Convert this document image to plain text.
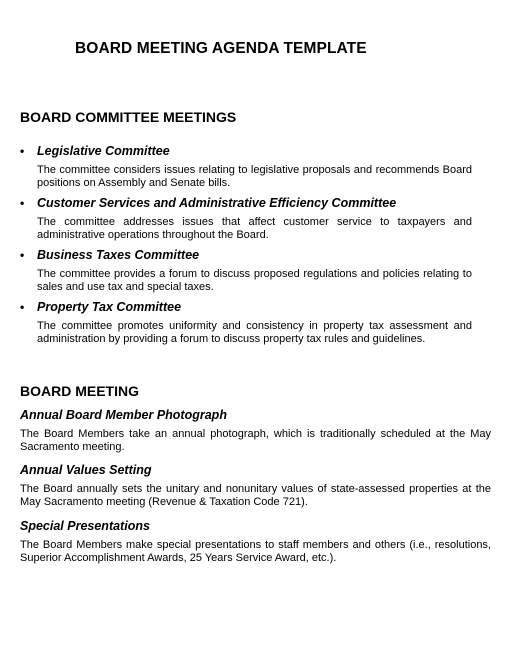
BOARD MEETING AGENDA TEMPLATE
BOARD COMMITTEE MEETINGS
• Legislative Committee
The committee considers issues relating to legislative proposals and recommends Board positions on Assembly and Senate bills.
• Customer Services and Administrative Efficiency Committee
The committee addresses issues that affect customer service to taxpayers and administrative operations throughout the Board.
• Business Taxes Committee
The committee provides a forum to discuss proposed regulations and policies relating to sales and use tax and special taxes.
• Property Tax Committee
The committee promotes uniformity and consistency in property tax assessment and administration by providing a forum to discuss property tax rules and guidelines.
BOARD MEETING
Annual Board Member Photograph
The Board Members take an annual photograph, which is traditionally scheduled at the May Sacramento meeting.
Annual Values Setting
The Board annually sets the unitary and nonunitary values of state-assessed properties at the May Sacramento meeting (Revenue & Taxation Code 721).
Special Presentations
The Board Members make special presentations to staff members and others (i.e., resolutions, Superior Accomplishment Awards, 25 Years Service Award, etc.).
